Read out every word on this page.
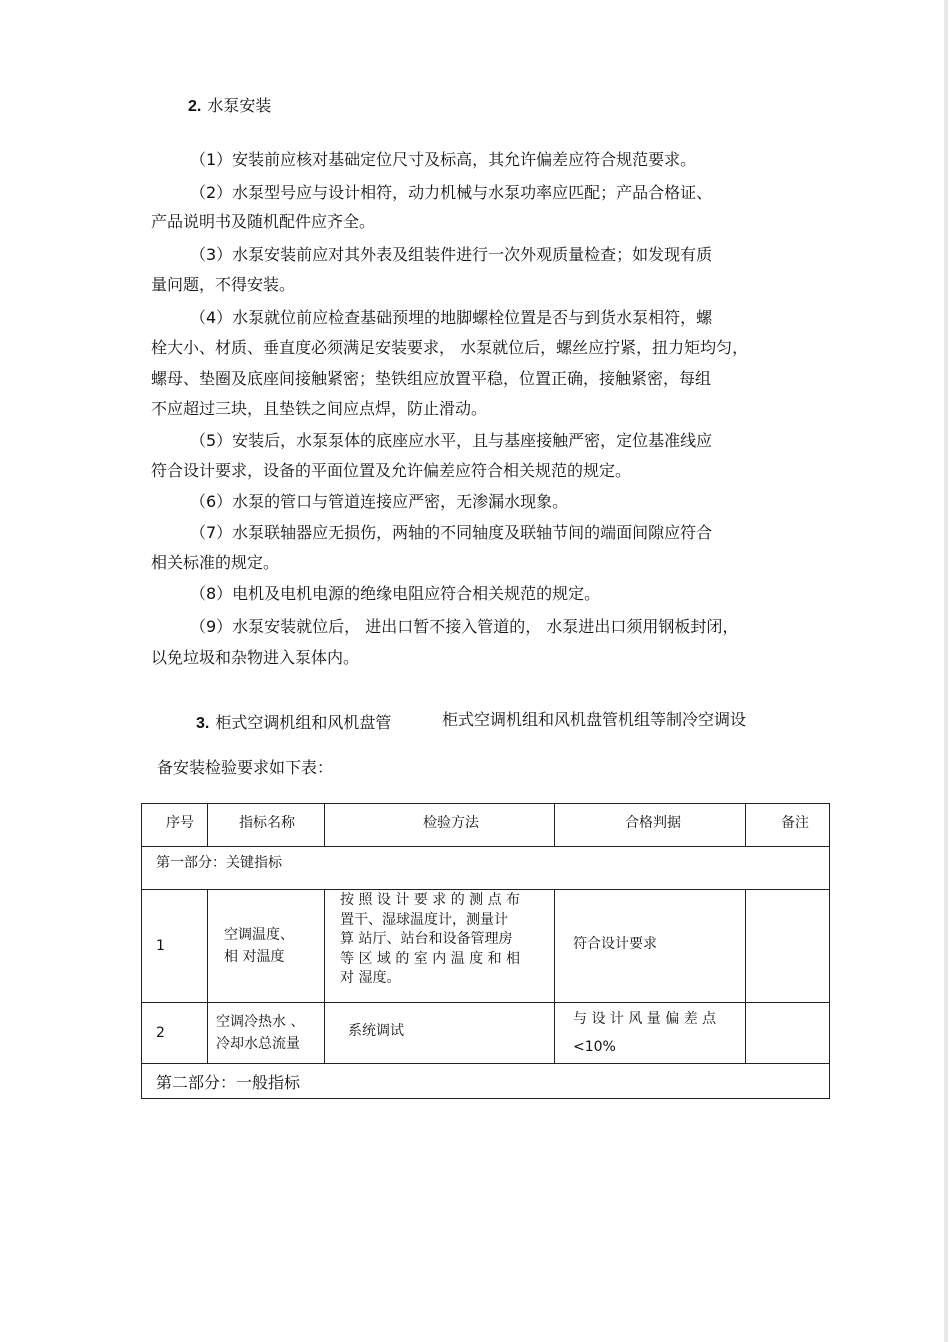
2. 水泵安装
（1）安装前应核对基础定位尺寸及标高，其允许偏差应符合规范要求。
（2）水泵型号应与设计相符，动力机械与水泵功率应匹配；产品合格证、
产品说明书及随机配件应齐全。
（3）水泵安装前应对其外表及组装件进行一次外观质量检查；如发现有质
量问题，不得安装。
（4）水泵就位前应检查基础预埋的地脚螺栓位置是否与到货水泵相符，螺
栓大小、材质、垂直度必须满足安装要求， 水泵就位后，螺丝应拧紧，扭力矩均匀，
螺母、垫圈及底座间接触紧密；垫铁组应放置平稳，位置正确，接触紧密，每组
不应超过三块，且垫铁之间应点焊，防止滑动。
（5）安装后，水泵泵体的底座应水平，且与基座接触严密，定位基准线应
符合设计要求，设备的平面位置及允许偏差应符合相关规范的规定。
（6）水泵的管口与管道连接应严密，无渗漏水现象。
（7）水泵联轴器应无损伤，两轴的不同轴度及联轴节间的端面间隙应符合
相关标准的规定。
（8）电机及电机电源的绝缘电阻应符合相关规范的规定。
（9）水泵安装就位后， 进出口暂不接入管道的， 水泵进出口须用钢板封闭，
以免垃圾和杂物进入泵体内。
3. 柜式空调机组和风机盘管	柜式空调机组和风机盘管机组等制冷空调设
备安装检验要求如下表：
序号	指标名称	检验方法	合格判据	备注

第一部分：关键指标				

1	空调温度、
相 对温度	按 照 设 计 要 求 的 测 点 布
置干、湿球温度计，测量计
算 站厅、站台和设备管理房
等 区 域 的 室 内 温 度 和 相
对 湿度。	符合设计要求	

2	空调冷热水 、
冷却水总流量	系统调试	与 设 计 风 量 偏 差 点
<10%	

第二部分：一般指标				
